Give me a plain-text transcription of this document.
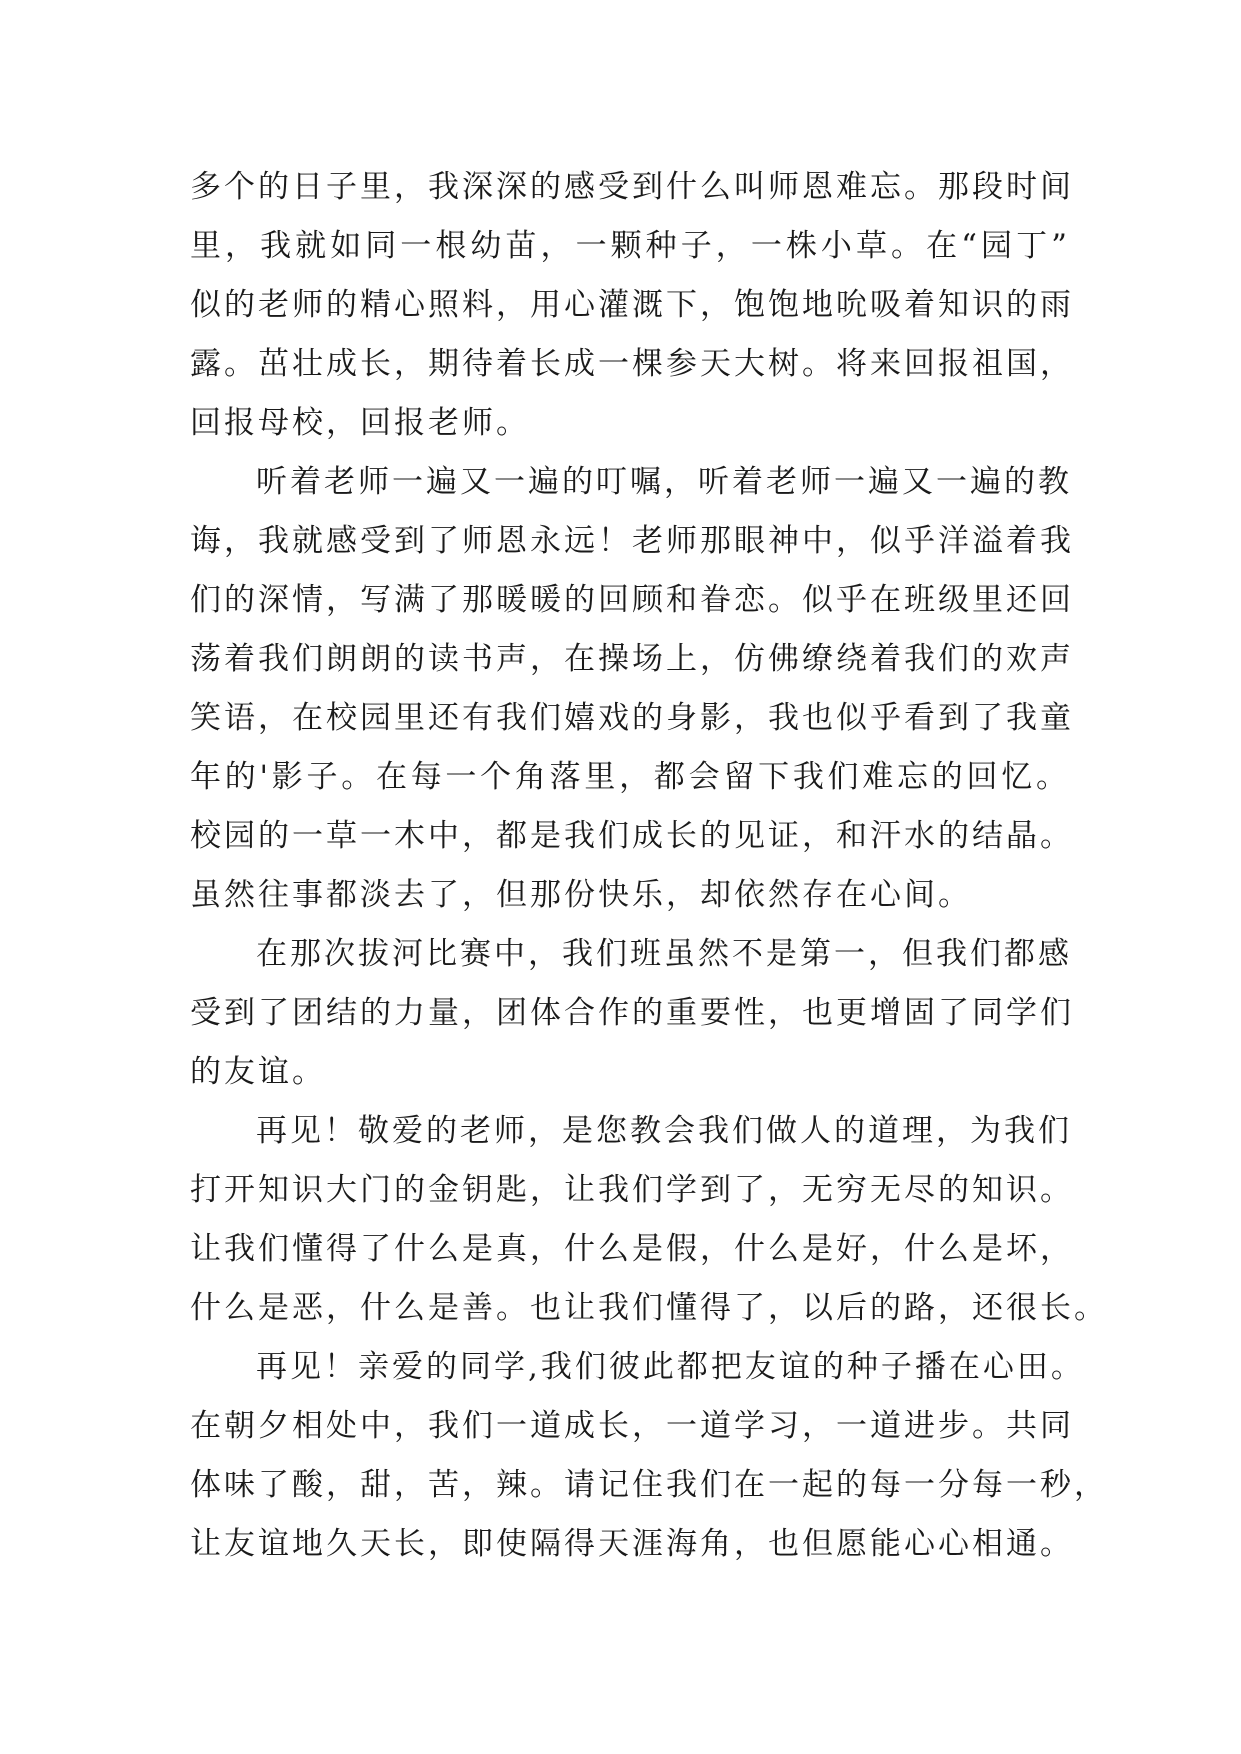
多个的日子里，我深深的感受到什么叫师恩难忘。那段时间
里，我就如同一根幼苗，一颗种子，一株小草。在“园丁”
似的老师的精心照料，用心灌溉下，饱饱地吮吸着知识的雨
露。茁壮成长，期待着长成一棵参天大树。将来回报祖国，
回报母校，回报老师。
听着老师一遍又一遍的叮嘱，听着老师一遍又一遍的教
诲，我就感受到了师恩永远！老师那眼神中，似乎洋溢着我
们的深情，写满了那暖暖的回顾和眷恋。似乎在班级里还回
荡着我们朗朗的读书声，在操场上，仿佛缭绕着我们的欢声
笑语，在校园里还有我们嬉戏的身影，我也似乎看到了我童
年的'影子。在每一个角落里，都会留下我们难忘的回忆。
校园的一草一木中，都是我们成长的见证，和汗水的结晶。
虽然往事都淡去了，但那份快乐，却依然存在心间。
在那次拔河比赛中，我们班虽然不是第一，但我们都感
受到了团结的力量，团体合作的重要性，也更增固了同学们
的友谊。
再见！敬爱的老师，是您教会我们做人的道理，为我们
打开知识大门的金钥匙，让我们学到了，无穷无尽的知识。
让我们懂得了什么是真，什么是假，什么是好，什么是坏，
什么是恶，什么是善。也让我们懂得了，以后的路，还很长。
再见！亲爱的同学,我们彼此都把友谊的种子播在心田。
在朝夕相处中，我们一道成长，一道学习，一道进步。共同
体味了酸，甜，苦，辣。请记住我们在一起的每一分每一秒，
让友谊地久天长，即使隔得天涯海角，也但愿能心心相通。
